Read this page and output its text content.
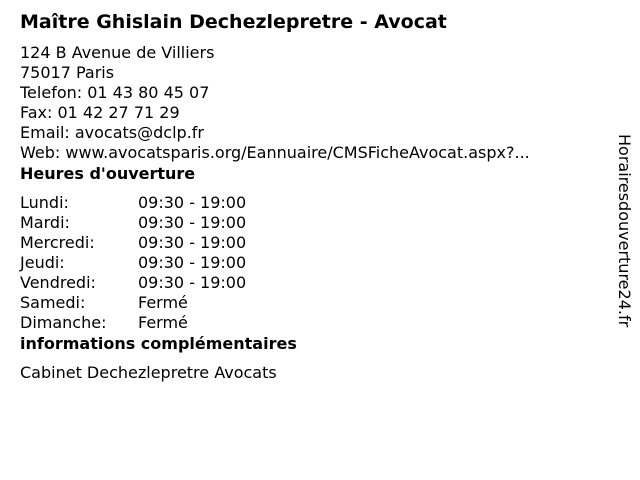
Maître Ghislain Dechezlepretre - Avocat
124 B Avenue de Villiers
75017 Paris
Telefon: 01 43 80 45 07
Fax: 01 42 27 71 29
Email: avocats@dclp.fr
Web: www.avocatsparis.org/Eannuaire/CMSFicheAvocat.aspx?...
Heures d'ouverture
Lundi:	09:30 - 19:00
Mardi:	09:30 - 19:00
Mercredi:	09:30 - 19:00
Jeudi:	09:30 - 19:00
Vendredi:	09:30 - 19:00
Samedi:	Fermé
Dimanche:	Fermé
informations complémentaires
Cabinet Dechezlepretre Avocats
Horairesdouverture24.fr
